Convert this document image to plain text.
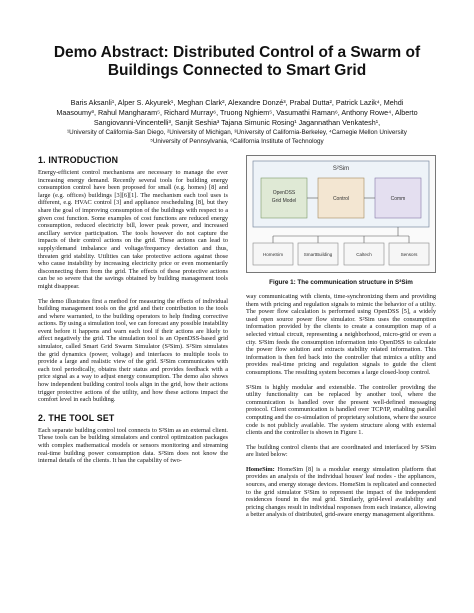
Demo Abstract: Distributed Control of a Swarm of
Buildings Connected to Smart Grid
Baris Aksanli¹, Alper S. Akyurek¹, Meghan Clark², Alexandre Donzé³, Prabal Dutta², Patrick Lazik⁴, Mehdi
Maasoumy³, Rahul Mangharam⁵, Richard Murray⁶, Truong Nghiem⁵, Vasumathi Raman⁶, Anthony Rowe⁴, Alberto
Sangiovanni-Vincentelli³, Sanjit Seshia³ Tajana Simunic Rosing¹ Jagannathan Venkatesh¹,
¹University of California-San Diego, ²University of Michigan, ³University of California-Berkeley, ⁴Carnegie Mellon University
⁵University of Pennsylvania, ⁶California Institute of Technology
1. INTRODUCTION

Energy-efficient control mechanisms are necessary to manage the ever increasing energy demand. Recently several tools for building energy consumption control have been proposed for small (e.g. homes) [8] and large (e.g. offices) buildings [3][6][1]. The mechanism each tool uses is different, e.g. HVAC control [3] and appliance rescheduling [8], but they share the goal of improving consumption of the buildings with respect to a given cost function. Some examples of cost functions are reduced energy consumption, reduced electricity bill, lower peak power, and increased ancillary service participation. The tools however do not capture the impacts of their control actions on the grid. These actions can lead to supply/demand imbalance and voltage/frequency deviation and thus, threaten grid stability. Utilities can take protective actions against those who cause instability by increasing electricity price or even momentarily disconnecting them from the grid. The effects of these protective actions can be so severe that the savings obtained by building management tools might disappear.

The demo illustrates first a method for measuring the effects of individual building management tools on the grid and their contribution to the tools and where warranted, to the building operators to help finding corrective actions. By using a simulation tool, we can forecast any possible instability event before it happens and warn each tool if their actions are likely to affect negatively the grid. The simulation tool is an OpenDSS-based grid simulator, called Smart Grid Swarm Simulator (S²Sim). S²Sim simulates the grid dynamics (power, voltage) and interfaces to multiple tools to provide a large and realistic view of the grid. S²Sim communicates with each tool periodically, obtains their status and provides feedback with a price signal as a way to adjust energy consumption. The demo also shows how independent building control tools align in the grid, how their actions trigger protective actions of the utility, and how these actions impact the comfort level in each building.

2. THE TOOL SET

Each separate building control tool connects to S²Sim as an external client. These tools can be building simulators and control optimization packages with complex mathematical models or sensors monitoring and streaming real-time building power consumption data. S²Sim does not know the internal details of the clients. It has the capability of two-

S²Sim
OpenDSS
Grid Model	Control	Comm
HomeSim	SmartBuilding	Caltech	Sensors
Figure 1: The communication structure in S²Sim

way communicating with clients, time-synchronizing them and providing them with pricing and regulation signals to mimic the behavior of a utility. The power flow calculation is performed using OpenDSS [5], a widely used open source power flow simulator. S²Sim uses the consumption information provided by the clients to create a consumption map of a selected virtual circuit, representing a neighborhood, micro-grid or even a city. S²Sim feeds the consumption information into OpenDSS to calculate the power flow solution and extracts stability related information. This information is then fed back into the controller that mimics a utility and provides real-time pricing and regulation signals to guide the client consumptions. The resulting system becomes a large closed-loop control.

S²Sim is highly modular and extensible. The controller providing the utility functionality can be replaced by another tool, where the communication is handled over the present well-defined messaging protocol. Client communication is handled over TCP/IP, enabling parallel computing and the co-simulation of proprietary solutions, where the source code is not publicly available. The system structure along with external clients and the controller is shown in Figure 1.

The building control clients that are coordinated and interfaced by S²Sim are listed below:

HomeSim: HomeSim [8] is a modular energy simulation platform that provides an analysis of the individual houses' leaf nodes - the appliances, sources, and energy storage devices. HomeSim is replicated and connected to the grid simulator S²Sim to represent the impact of the independent residences found in the real grid. Similarly, grid-level availability and pricing changes result in individual responses from each instance, allowing a better analysis of distributed, grid-aware energy management algorithms.
